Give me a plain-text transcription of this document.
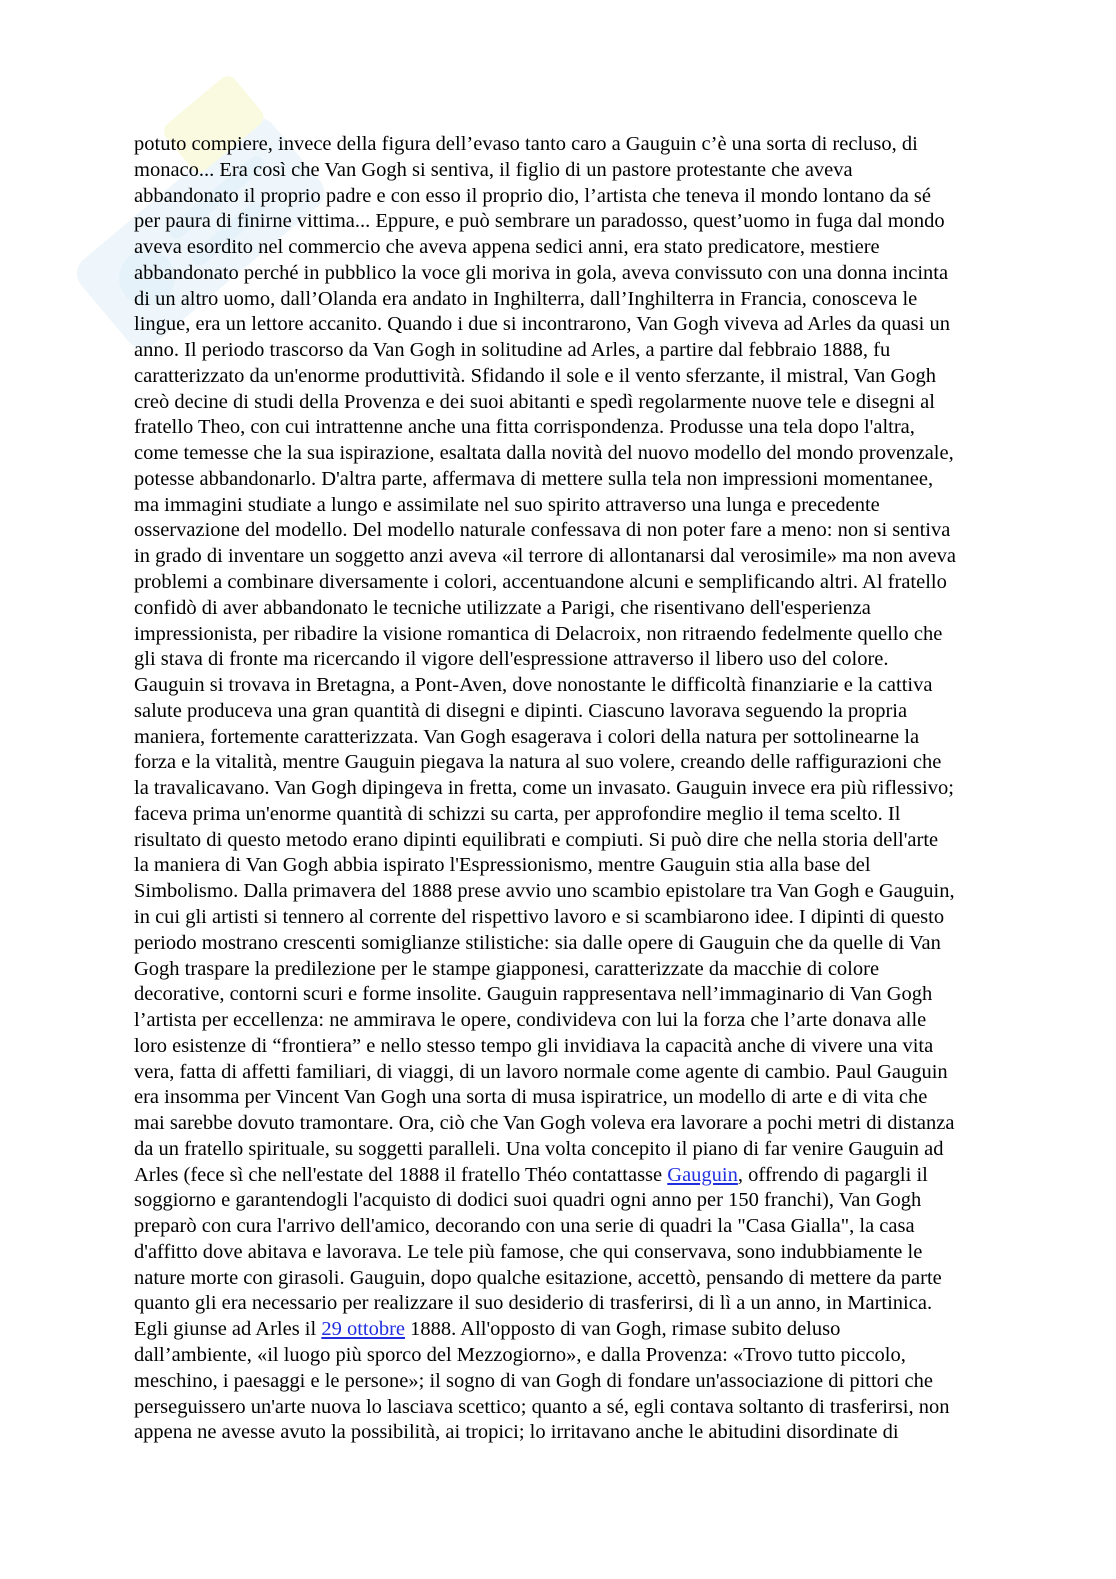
potuto compiere, invece della figura dell’evaso tanto caro a Gauguin c’è una sorta di recluso, di
monaco... Era così che Van Gogh si sentiva, il figlio di un pastore protestante che aveva
abbandonato il proprio padre e con esso il proprio dio, l’artista che teneva il mondo lontano da sé
per paura di finirne vittima... Eppure, e può sembrare un paradosso, quest’uomo in fuga dal mondo
aveva esordito nel commercio che aveva appena sedici anni, era stato predicatore, mestiere
abbandonato perché in pubblico la voce gli moriva in gola, aveva convissuto con una donna incinta
di un altro uomo, dall’Olanda era andato in Inghilterra, dall’Inghilterra in Francia, conosceva le
lingue, era un lettore accanito. Quando i due si incontrarono, Van Gogh viveva ad Arles da quasi un
anno. Il periodo trascorso da Van Gogh in solitudine ad Arles, a partire dal febbraio 1888, fu
caratterizzato da un'enorme produttività. Sfidando il sole e il vento sferzante, il mistral, Van Gogh
creò decine di studi della Provenza e dei suoi abitanti e spedì regolarmente nuove tele e disegni al
fratello Theo, con cui intrattenne anche una fitta corrispondenza. Produsse una tela dopo l'altra,
come temesse che la sua ispirazione, esaltata dalla novità del nuovo modello del mondo provenzale,
potesse abbandonarlo. D'altra parte, affermava di mettere sulla tela non impressioni momentanee,
ma immagini studiate a lungo e assimilate nel suo spirito attraverso una lunga e precedente
osservazione del modello. Del modello naturale confessava di non poter fare a meno: non si sentiva
in grado di inventare un soggetto anzi aveva «il terrore di allontanarsi dal verosimile» ma non aveva
problemi a combinare diversamente i colori, accentuandone alcuni e semplificando altri. Al fratello
confidò di aver abbandonato le tecniche utilizzate a Parigi, che risentivano dell'esperienza
impressionista, per ribadire la visione romantica di Delacroix, non ritraendo fedelmente quello che
gli stava di fronte ma ricercando il vigore dell'espressione attraverso il libero uso del colore.
Gauguin si trovava in Bretagna, a Pont-Aven, dove nonostante le difficoltà finanziarie e la cattiva
salute produceva una gran quantità di disegni e dipinti. Ciascuno lavorava seguendo la propria
maniera, fortemente caratterizzata. Van Gogh esagerava i colori della natura per sottolinearne la
forza e la vitalità, mentre Gauguin piegava la natura al suo volere, creando delle raffigurazioni che
la travalicavano. Van Gogh dipingeva in fretta, come un invasato. Gauguin invece era più riflessivo;
faceva prima un'enorme quantità di schizzi su carta, per approfondire meglio il tema scelto. Il
risultato di questo metodo erano dipinti equilibrati e compiuti. Si può dire che nella storia dell'arte
la maniera di Van Gogh abbia ispirato l'Espressionismo, mentre Gauguin stia alla base del
Simbolismo. Dalla primavera del 1888 prese avvio uno scambio epistolare tra Van Gogh e Gauguin,
in cui gli artisti si tennero al corrente del rispettivo lavoro e si scambiarono idee. I dipinti di questo
periodo mostrano crescenti somiglianze stilistiche: sia dalle opere di Gauguin che da quelle di Van
Gogh traspare la predilezione per le stampe giapponesi, caratterizzate da macchie di colore
decorative, contorni scuri e forme insolite. Gauguin rappresentava nell’immaginario di Van Gogh
l’artista per eccellenza: ne ammirava le opere, condivideva con lui la forza che l’arte donava alle
loro esistenze di “frontiera” e nello stesso tempo gli invidiava la capacità anche di vivere una vita
vera, fatta di affetti familiari, di viaggi, di un lavoro normale come agente di cambio. Paul Gauguin
era insomma per Vincent Van Gogh una sorta di musa ispiratrice, un modello di arte e di vita che
mai sarebbe dovuto tramontare. Ora, ciò che Van Gogh voleva era lavorare a pochi metri di distanza
da un fratello spirituale, su soggetti paralleli. Una volta concepito il piano di far venire Gauguin ad
Arles (fece sì che nell'estate del 1888 il fratello Théo contattasse Gauguin, offrendo di pagargli il
soggiorno e garantendogli l'acquisto di dodici suoi quadri ogni anno per 150 franchi), Van Gogh
preparò con cura l'arrivo dell'amico, decorando con una serie di quadri la "Casa Gialla", la casa
d'affitto dove abitava e lavorava. Le tele più famose, che qui conservava, sono indubbiamente le
nature morte con girasoli. Gauguin, dopo qualche esitazione, accettò, pensando di mettere da parte
quanto gli era necessario per realizzare il suo desiderio di trasferirsi, di lì a un anno, in Martinica.
Egli giunse ad Arles il 29 ottobre 1888. All'opposto di van Gogh, rimase subito deluso
dall’ambiente, «il luogo più sporco del Mezzogiorno», e dalla Provenza: «Trovo tutto piccolo,
meschino, i paesaggi e le persone»; il sogno di van Gogh di fondare un'associazione di pittori che
perseguissero un'arte nuova lo lasciava scettico; quanto a sé, egli contava soltanto di trasferirsi, non
appena ne avesse avuto la possibilità, ai tropici; lo irritavano anche le abitudini disordinate di
